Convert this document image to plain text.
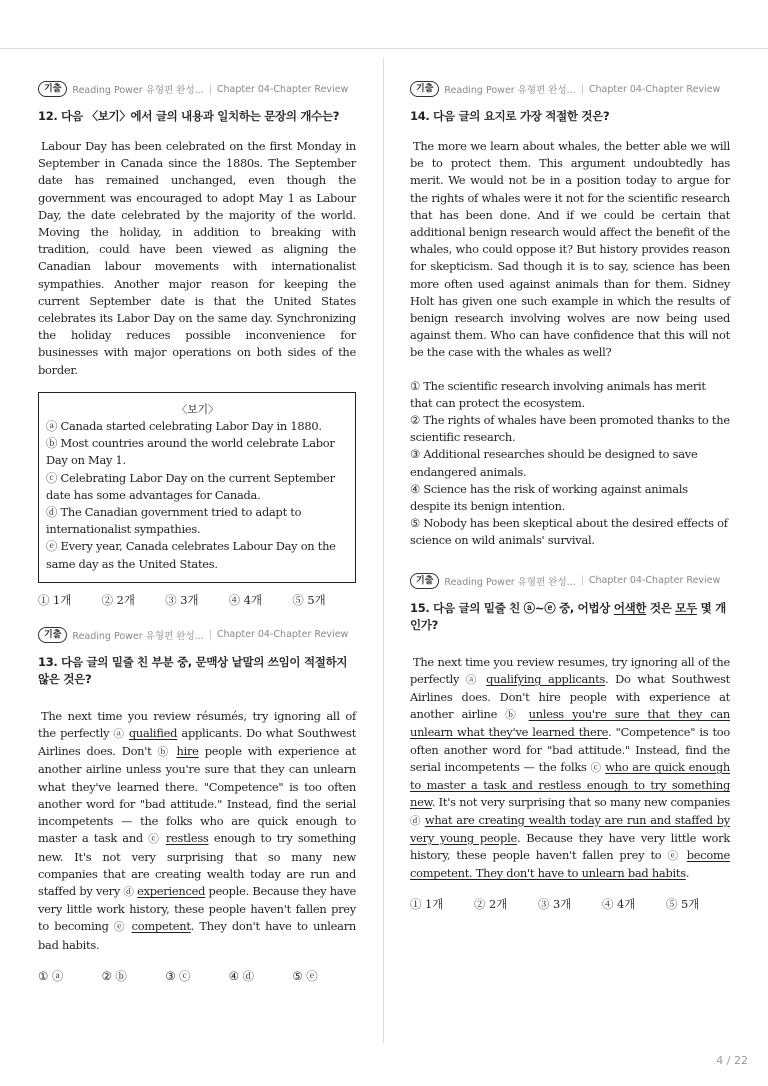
기출	Reading Power 유형편 완성... | Chapter 04-Chapter Review
12. 다음 〈보기〉에서 글의 내용과 일치하는 문장의 개수는?
Labour Day has been celebrated on the first Monday in September in Canada since the 1880s. The September date has remained unchanged, even though the government was encouraged to adopt May 1 as Labour Day, the date celebrated by the majority of the world. Moving the holiday, in addition to breaking with tradition, could have been viewed as aligning the Canadian labour movements with internationalist sympathies. Another major reason for keeping the current September date is that the United States celebrates its Labor Day on the same day. Synchronizing the holiday reduces possible inconvenience for businesses with major operations on both sides of the border.
〈보기〉
ⓐ Canada started celebrating Labor Day in 1880.
ⓑ Most countries around the world celebrate Labor Day on May 1.
ⓒ Celebrating Labor Day on the current September date has some advantages for Canada.
ⓓ The Canadian government tried to adapt to internationalist sympathies.
ⓔ Every year, Canada celebrates Labour Day on the same day as the United States.
① 1개	② 2개	③ 3개	④ 4개	⑤ 5개
기출	Reading Power 유형편 완성... | Chapter 04-Chapter Review
13. 다음 글의 밑줄 친 부분 중, 문맥상 낱말의 쓰임이 적절하지
않은 것은?
The next time you review résumés, try ignoring all of the perfectly ⓐ qualified applicants. Do what Southwest Airlines does. Don't ⓑ hire people with experience at another airline unless you're sure that they can unlearn what they've learned there. "Competence" is too often another word for "bad attitude." Instead, find the serial incompetents — the folks who are quick enough to master a task and ⓒ restless enough to try something new. It's not very surprising that so many new companies that are creating wealth today are run and staffed by very ⓓ experienced people. Because they have very little work history, these people haven't fallen prey to becoming ⓔ competent. They don't have to unlearn bad habits.
① ⓐ	② ⓑ	③ ⓒ	④ ⓓ	⑤ ⓔ
기출	Reading Power 유형편 완성... | Chapter 04-Chapter Review
14. 다음 글의 요지로 가장 적절한 것은?
The more we learn about whales, the better able we will be to protect them. This argument undoubtedly has merit. We would not be in a position today to argue for the rights of whales were it not for the scientific research that has been done. And if we could be certain that additional benign research would affect the benefit of the whales, who could oppose it? But history provides reason for skepticism. Sad though it is to say, science has been more often used against animals than for them. Sidney Holt has given one such example in which the results of benign research involving wolves are now being used against them. Who can have confidence that this will not be the case with the whales as well?
① The scientific research involving animals has merit that can protect the ecosystem.
② The rights of whales have been promoted thanks to the scientific research.
③ Additional researches should be designed to save endangered animals.
④ Science has the risk of working against animals despite its benign intention.
⑤ Nobody has been skeptical about the desired effects of science on wild animals' survival.
기출	Reading Power 유형편 완성... | Chapter 04-Chapter Review
15. 다음 글의 밑줄 친 ⓐ~ⓔ 중, 어법상 어색한 것은 모두 몇 개인가?
The next time you review resumes, try ignoring all of the perfectly ⓐ qualifying applicants. Do what Southwest Airlines does. Don't hire people with experience at another airline ⓑ unless you're sure that they can unlearn what they've learned there. "Competence" is too often another word for "bad attitude." Instead, find the serial incompetents — the folks ⓒ who are quick enough to master a task and restless enough to try something new. It's not very surprising that so many new companies ⓓ what are creating wealth today are run and staffed by very young people. Because they have very little work history, these people haven't fallen prey to ⓔ become competent. They don't have to unlearn bad habits.
① 1개	② 2개	③ 3개	④ 4개	⑤ 5개
4 / 22
